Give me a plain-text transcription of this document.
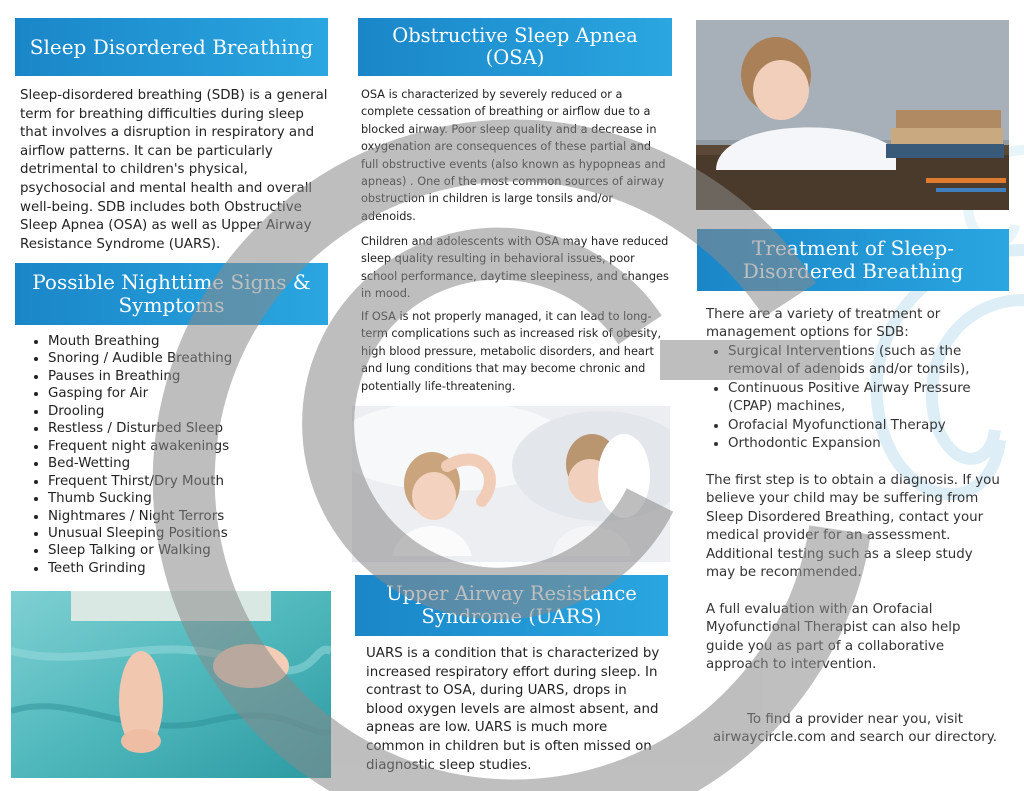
Sleep Disordered Breathing

Sleep-disordered breathing (SDB) is a general term for breathing difficulties during sleep that involves a disruption in respiratory and airflow patterns. It can be particularly detrimental to children's physical, psychosocial and mental health and overall well-being. SDB includes both Obstructive Sleep Apnea (OSA) as well as Upper Airway Resistance Syndrome (UARS).

Possible Nighttime Signs & Symptoms
• Mouth Breathing
• Snoring / Audible Breathing
• Pauses in Breathing
• Gasping for Air
• Drooling
• Restless / Disturbed Sleep
• Frequent night awakenings
• Bed-Wetting
• Frequent Thirst/Dry Mouth
• Thumb Sucking
• Nightmares / Night Terrors
• Unusual Sleeping Positions
• Sleep Talking or Walking
• Teeth Grinding
Obstructive Sleep Apnea (OSA)

OSA is characterized by severely reduced or a complete cessation of breathing or airflow due to a blocked airway. Poor sleep quality and a decrease in oxygenation are consequences of these partial and full obstructive events (also known as hypopneas and apneas) . One of the most common sources of airway obstruction in children is large tonsils and/or adenoids.

Children and adolescents with OSA may have reduced sleep quality resulting in behavioral issues, poor school performance, daytime sleepiness, and changes in mood.

If OSA is not properly managed, it can lead to long-term complications such as increased risk of obesity, high blood pressure, metabolic disorders, and heart and lung conditions that may become chronic and potentially life-threatening.

Upper Airway Resistance Syndrome (UARS)

UARS is a condition that is characterized by increased respiratory effort during sleep. In contrast to OSA, during UARS, drops in blood oxygen levels are almost absent, and apneas are low. UARS is much more common in children but is often missed on diagnostic sleep studies.

Treatment of Sleep-Disordered Breathing

There are a variety of treatment or management options for SDB:

• Surgical Interventions (such as the removal of adenoids and/or tonsils),
• Continuous Positive Airway Pressure (CPAP) machines,
• Orofacial Myofunctional Therapy
• Orthodontic Expansion

The first step is to obtain a diagnosis. If you believe your child may be suffering from Sleep Disordered Breathing, contact your medical provider for an assessment. Additional testing such as a sleep study may be recommended.

A full evaluation with an Orofacial Myofunctional Therapist can also help guide you as part of a collaborative approach to intervention.

To find a provider near you, visit airwaycircle.com and search our directory.
